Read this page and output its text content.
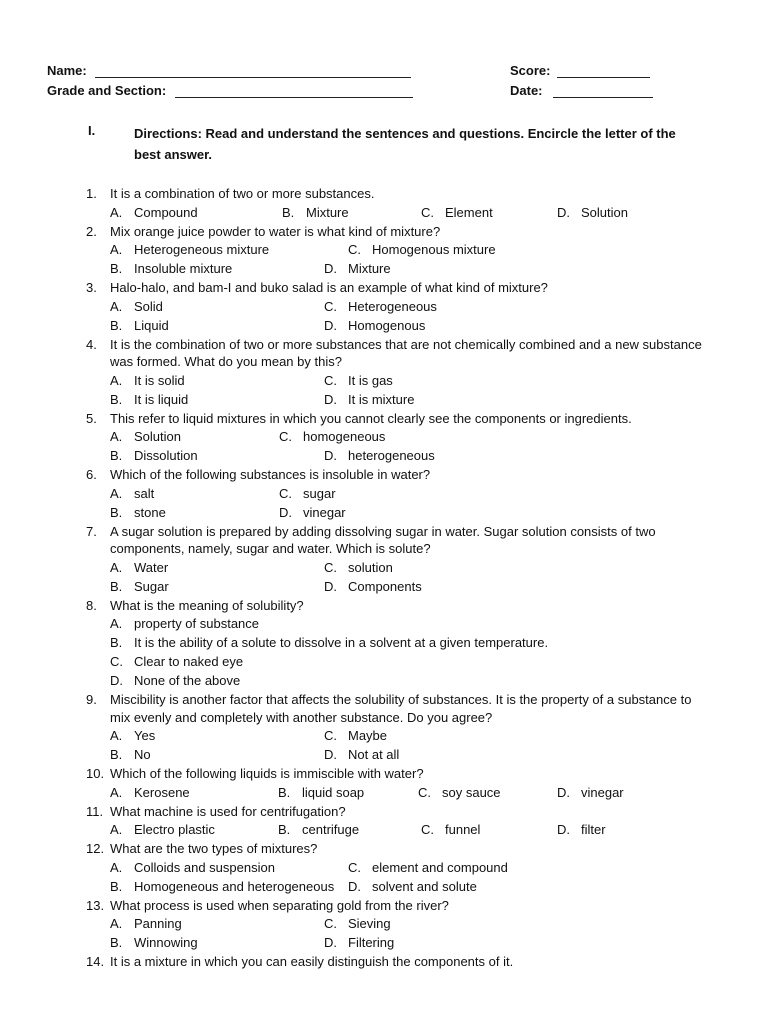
Name:	Score:
Grade and Section:	Date:
I.	Directions: Read and understand the sentences and questions. Encircle the letter of the best answer.
1. It is a combination of two or more substances.
A. Compound	B. Mixture	C. Element	D. Solution
2. Mix orange juice powder to water is what kind of mixture?
A. Heterogeneous mixture	C. Homogenous mixture
B. Insoluble mixture	D. Mixture
3. Halo-halo, and bam-I and buko salad is an example of what kind of mixture?
A. Solid	C. Heterogeneous
B. Liquid	D. Homogenous
4. It is the combination of two or more substances that are not chemically combined and a new substance was formed. What do you mean by this?
A. It is solid	C. It is gas
B. It is liquid	D. It is mixture
5. This refer to liquid mixtures in which you cannot clearly see the components or ingredients.
A. Solution	C. homogeneous
B. Dissolution	D. heterogeneous
6. Which of the following substances is insoluble in water?
A. salt	C. sugar
B. stone	D. vinegar
7. A sugar solution is prepared by adding dissolving sugar in water. Sugar solution consists of two components, namely, sugar and water. Which is solute?
A. Water	C. solution
B. Sugar	D. Components
8. What is the meaning of solubility?
A. property of substance
B. It is the ability of a solute to dissolve in a solvent at a given temperature.
C. Clear to naked eye
D. None of the above
9. Miscibility is another factor that affects the solubility of substances. It is the property of a substance to mix evenly and completely with another substance. Do you agree?
A. Yes	C. Maybe
B. No	D. Not at all
10. Which of the following liquids is immiscible with water?
A. Kerosene	B. liquid soap	C. soy sauce	D. vinegar
11. What machine is used for centrifugation?
A. Electro plastic	B. centrifuge	C. funnel	D. filter
12. What are the two types of mixtures?
A. Colloids and suspension	C. element and compound
B. Homogeneous and heterogeneous D. solvent and solute
13. What process is used when separating gold from the river?
A. Panning	C. Sieving
B. Winnowing	D. Filtering
14. It is a mixture in which you can easily distinguish the components of it.
